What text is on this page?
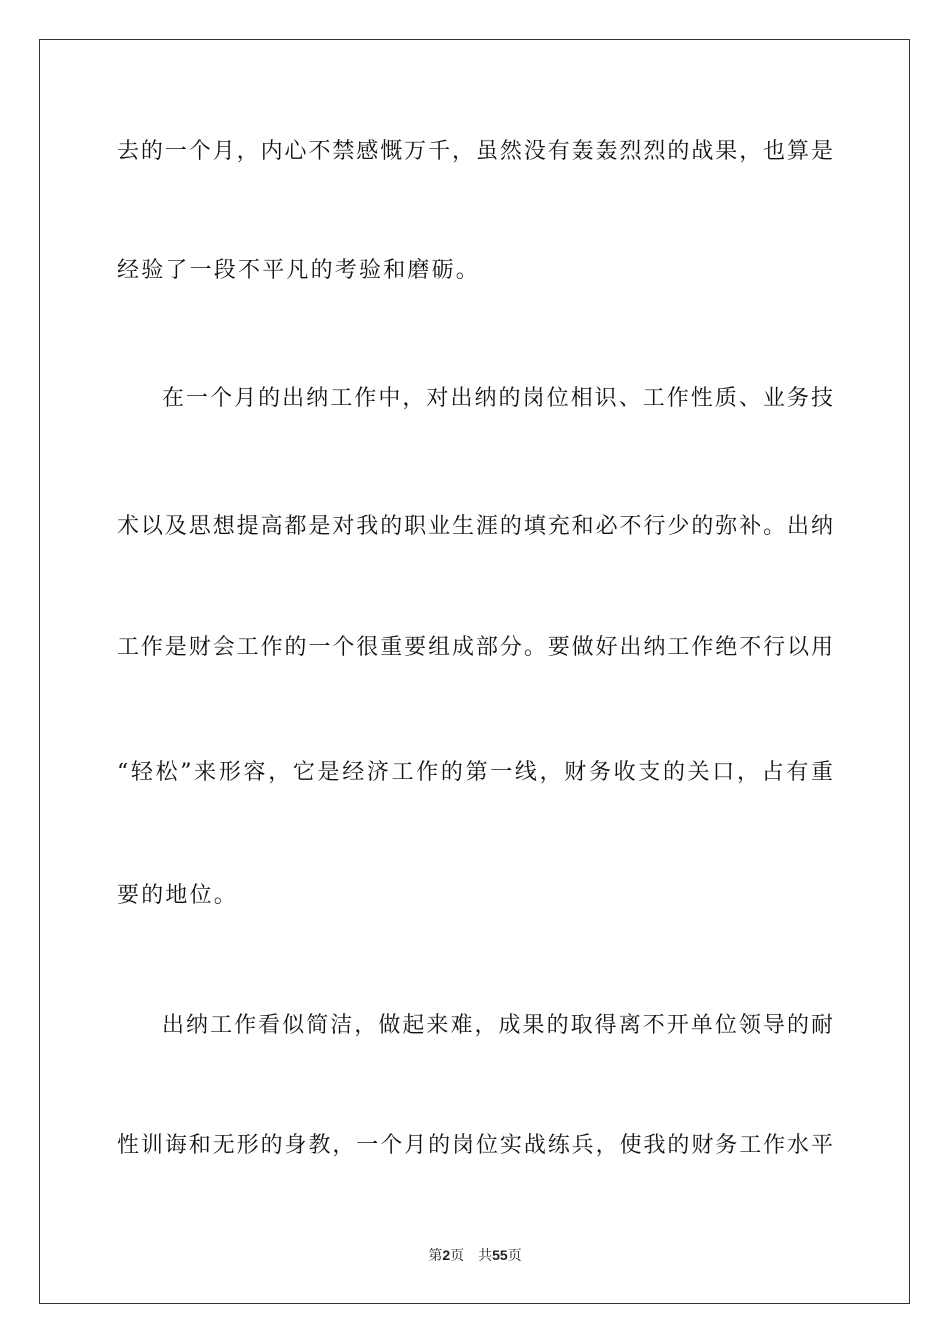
去的一个月，内心不禁感慨万千，虽然没有轰轰烈烈的战果，也算是
经验了一段不平凡的考验和磨砺。
在一个月的出纳工作中，对出纳的岗位相识、工作性质、业务技
术以及思想提高都是对我的职业生涯的填充和必不行少的弥补。出纳
工作是财会工作的一个很重要组成部分。要做好出纳工作绝不行以用
“轻松”来形容，它是经济工作的第一线，财务收支的关口，占有重
要的地位。
出纳工作看似简洁，做起来难，成果的取得离不开单位领导的耐
性训诲和无形的身教，一个月的岗位实战练兵，使我的财务工作水平
第2页 共55页
